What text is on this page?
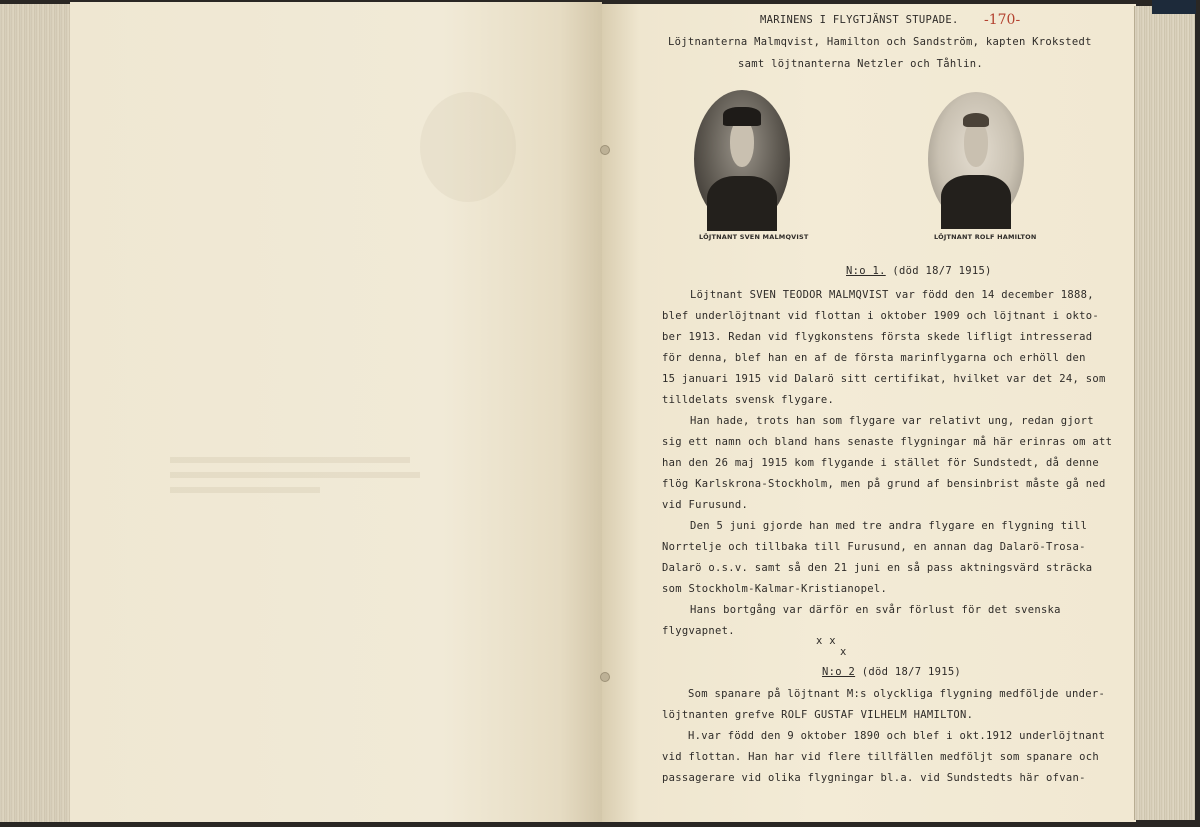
MARINENS I FLYGTJÄNST STUPADE. -170-
Löjtnanterna Malmqvist, Hamilton och Sandström, kapten Krokstedt
samt löjtnanterna Netzler och Tåhlin.
LÖJTNANT SVEN MALMQVIST	LÖJTNANT ROLF HAMILTON
N:o 1. (död 18/7 1915)
Löjtnant SVEN TEODOR MALMQVIST var född den 14 december 1888,
blef underlöjtnant vid flottan i oktober 1909 och löjtnant i okto-
ber 1913. Redan vid flygkonstens första skede lifligt intresserad
för denna, blef han en af de första marinflygarna och erhöll den
15 januari 1915 vid Dalarö sitt certifikat, hvilket var det 24, som
tilldelats svensk flygare.
Han hade, trots han som flygare var relativt ung, redan gjort
sig ett namn och bland hans senaste flygningar må här erinras om att
han den 26 maj 1915 kom flygande i stället för Sundstedt, då denne
flög Karlskrona-Stockholm, men på grund af bensinbrist måste gå ned
vid Furusund.
Den 5 juni gjorde han med tre andra flygare en flygning till
Norrtelje och tillbaka till Furusund, en annan dag Dalarö-Trosa-
Dalarö o.s.v. samt så den 21 juni en så pass aktningsvärd sträcka
som Stockholm-Kalmar-Kristianopel.
Hans bortgång var därför en svår förlust för det svenska
flygvapnet.
x x
x
N:o 2 (död 18/7 1915)
Som spanare på löjtnant M:s olyckliga flygning medföljde under-
löjtnanten grefve ROLF GUSTAF VILHELM HAMILTON.
H.var född den 9 oktober 1890 och blef i okt.1912 underlöjtnant
vid flottan. Han har vid flere tillfällen medföljt som spanare och
passagerare vid olika flygningar bl.a. vid Sundstedts här ofvan-
